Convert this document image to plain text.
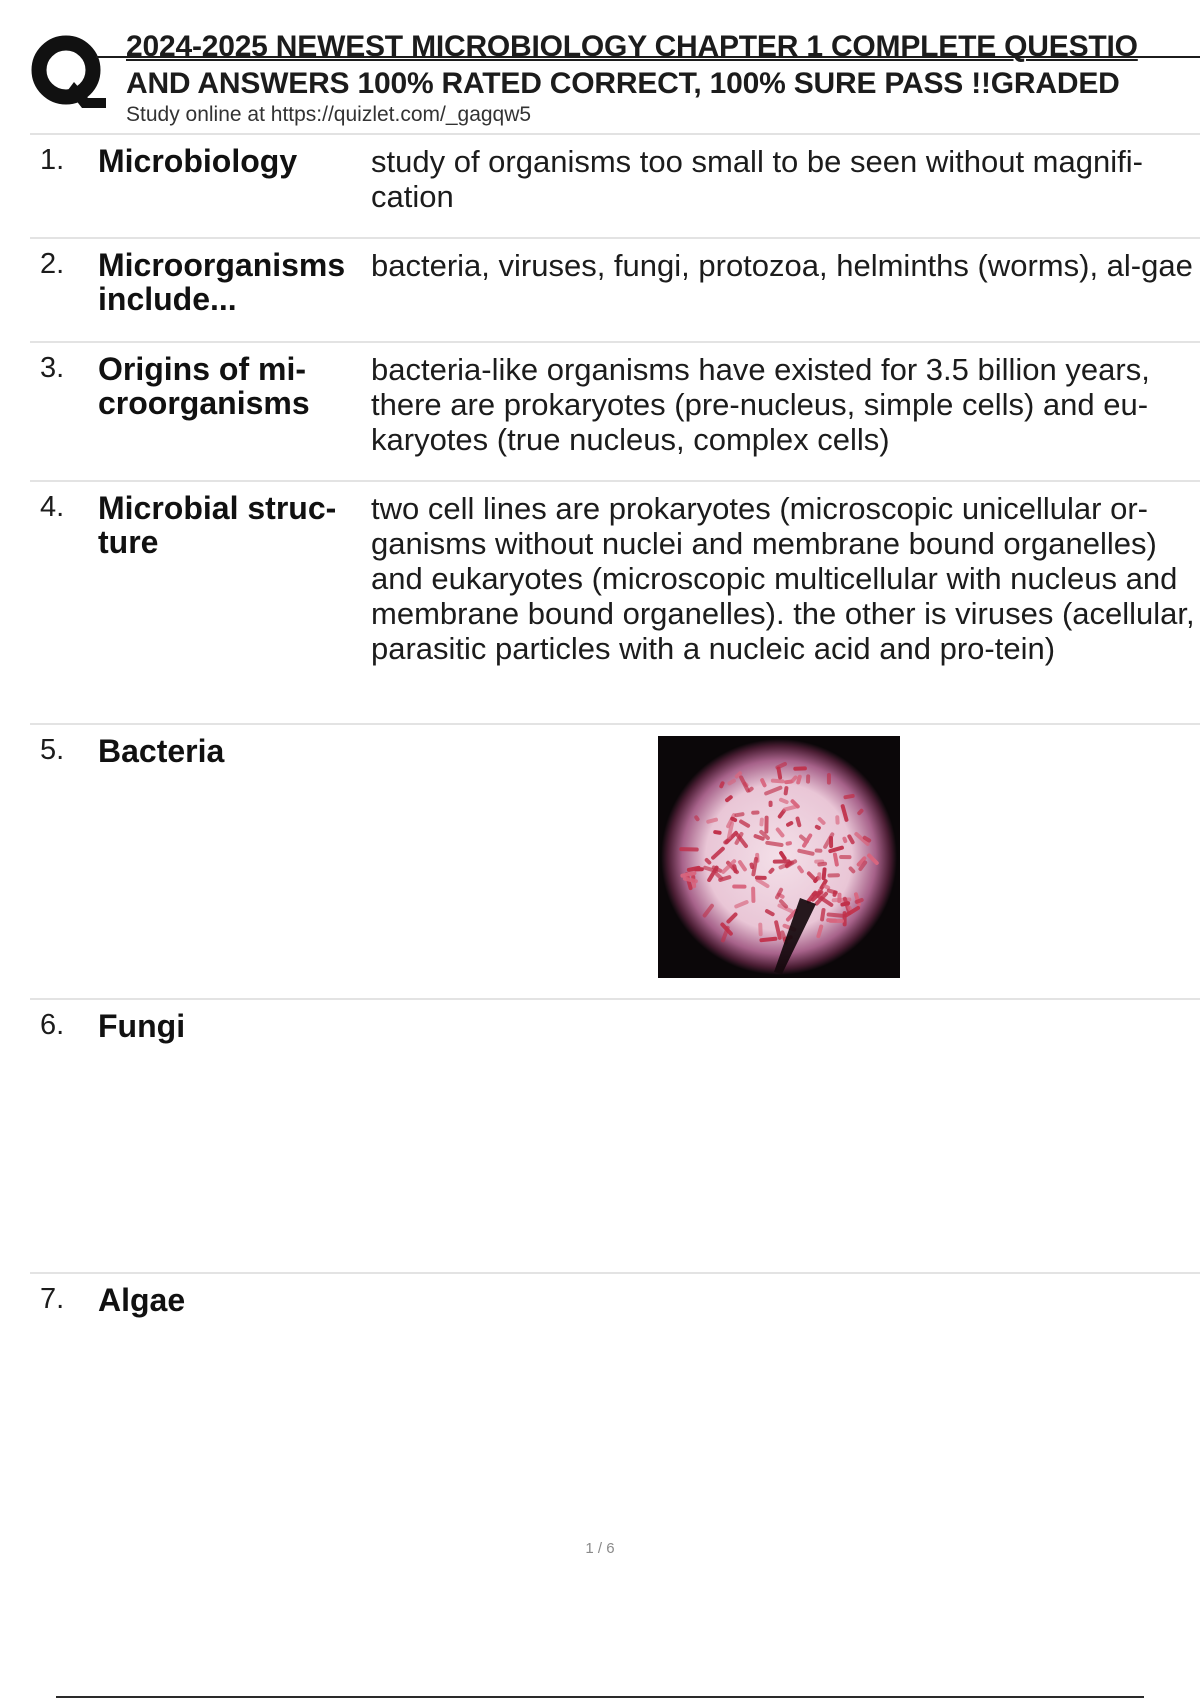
2024-2025 NEWEST MICROBIOLOGY CHAPTER 1 COMPLETE QUESTIO
AND ANSWERS 100% RATED CORRECT, 100% SURE PASS !!GRADED
Study online at https://quizlet.com/_gagqw5
1. Microbiology	study of organisms too small to be seen without magnifi-cation
2. Microorganisms include...
bacteria, viruses, fungi, protozoa, helminths (worms), al-gae
3. Origins of mi-croorganisms
bacteria-like organisms have existed for 3.5 billion years, there are prokaryotes (pre-nucleus, simple cells) and eu-karyotes (true nucleus, complex cells)
4. Microbial struc-ture
two cell lines are prokaryotes (microscopic unicellular or-ganisms without nuclei and membrane bound organelles) and eukaryotes (microscopic multicellular with nucleus and membrane bound organelles). the other is viruses (acellular, parasitic particles with a nucleic acid and pro-tein)
5. Bacteria
6. Fungi
7. Algae
1 / 6
